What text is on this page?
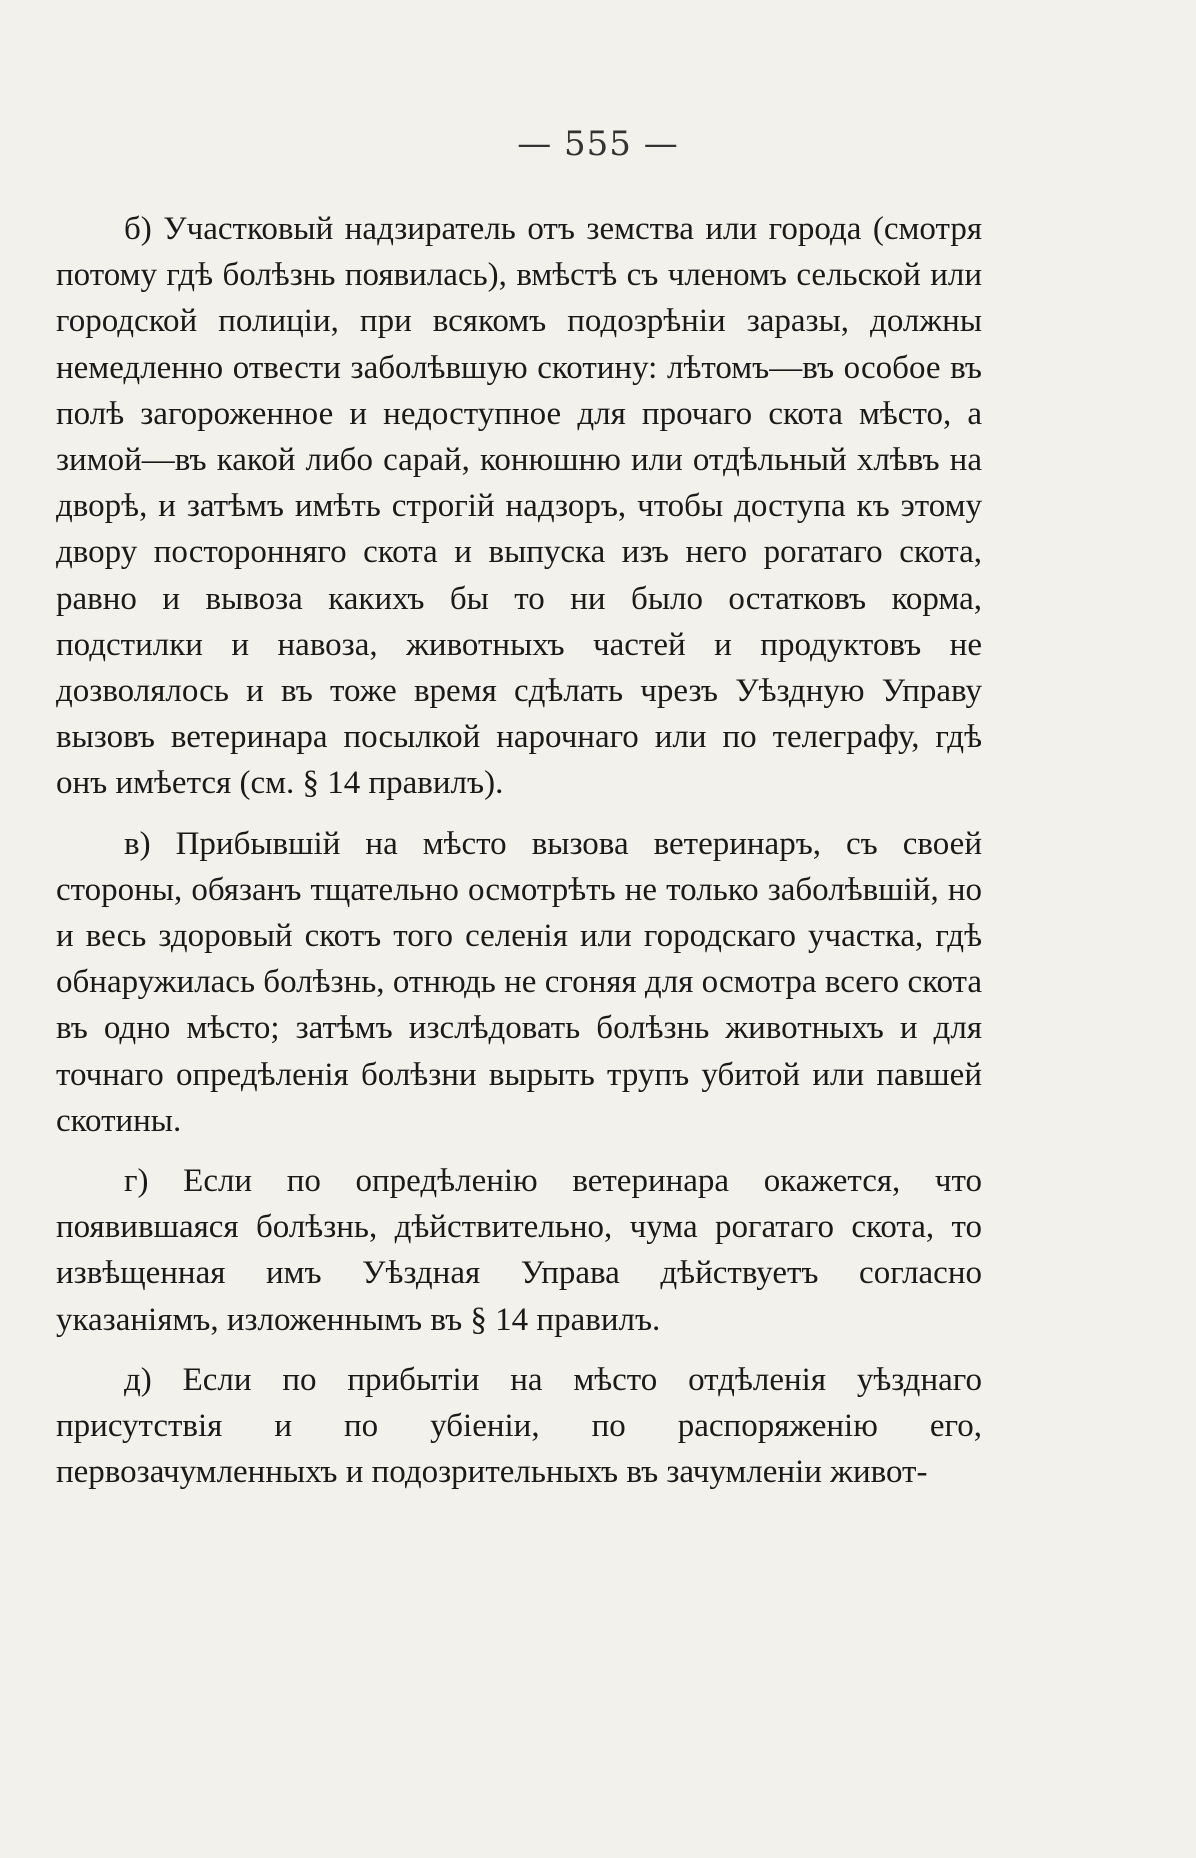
— 555 —

б) Участковый надзиратель отъ земства или города (смотря потому гдѣ болѣзнь появилась), вмѣстѣ съ членомъ сельской или городской полиціи, при всякомъ подозрѣніи заразы, должны немедленно отвести заболѣвшую скотину: лѣтомъ—въ особое въ полѣ загороженное и недоступное для прочаго скота мѣсто, а зимой—въ какой либо сарай, конюшню или отдѣльный хлѣвъ на дворѣ, и затѣмъ имѣть строгій надзоръ, чтобы доступа къ этому двору посторонняго скота и выпуска изъ него рогатаго скота, равно и вывоза какихъ бы то ни было остатковъ корма, подстилки и навоза, животныхъ частей и продуктовъ не дозволялось и въ тоже время сдѣлать чрезъ Уѣздную Управу вызовъ ветеринара посылкой нарочнаго или по телеграфу, гдѣ онъ имѣется (см. § 14 правилъ).

в) Прибывшій на мѣсто вызова ветеринаръ, съ своей стороны, обязанъ тщательно осмотрѣть не только заболѣвшій, но и весь здоровый скотъ того селенія или городскаго участка, гдѣ обнаружилась болѣзнь, отнюдь не сгоняя для осмотра всего скота въ одно мѣсто; затѣмъ изслѣдовать болѣзнь животныхъ и для точнаго опредѣленія болѣзни вырыть трупъ убитой или павшей скотины.

г) Если по опредѣленію ветеринара окажется, что появившаяся болѣзнь, дѣйствительно, чума рогатаго скота, то извѣщенная имъ Уѣздная Управа дѣйствуетъ согласно указаніямъ, изложеннымъ въ § 14 правилъ.

д) Если по прибытіи на мѣсто отдѣленія уѣзднаго присутствія и по убіеніи, по распоряженію его, первозачумленныхъ и подозрительныхъ въ зачумленіи живот-
